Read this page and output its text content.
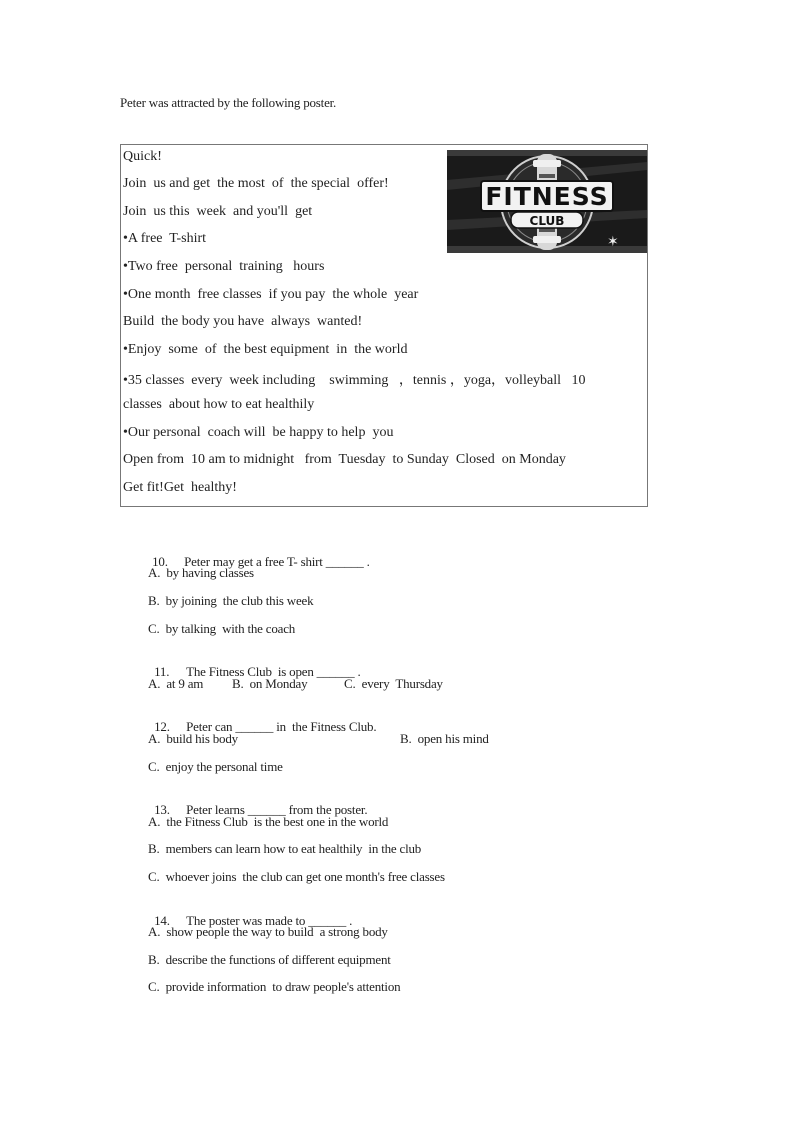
Peter was attracted by the following poster.
Quick!
Join  us and get  the most  of  the special  offer!
Join  us this  week  and you'll  get
•A free  T-shirt
•Two free  personal  training   hours
•One month  free classes  if you pay  the whole  year
Build  the body you have  always  wanted!
•Enjoy  some  of  the best equipment  in  the world
•35 classes  every  week including    swimming   ，tennis ，yoga，volleyball   10
classes  about how to eat healthily
•Our personal  coach will  be happy to help  you
Open from  10 am to midnight   from  Tuesday  to Sunday  Closed  on Monday
Get fit!Get  healthy!
FITNESS
CLUB
✶

10. Peter may get a free T- shirt ______ .

A.  by having classes
B.  by joining  the club this week
C.  by talking  with the coach

11. The Fitness Club  is open ______ .

A.  at 9 am B.  on Monday	C.  every  Thursday

12. Peter can ______ in  the Fitness Club.

A.  build his body	B.  open his mind
C.  enjoy the personal time

13. Peter learns ______ from the poster.

A.  the Fitness Club  is the best one in the world
B.  members can learn how to eat healthily  in the club
C.  whoever joins  the club can get one month's free classes

14. The poster was made to ______ .

A.  show people the way to build  a strong body
B.  describe the functions of different equipment
C.  provide information  to draw people's attention
